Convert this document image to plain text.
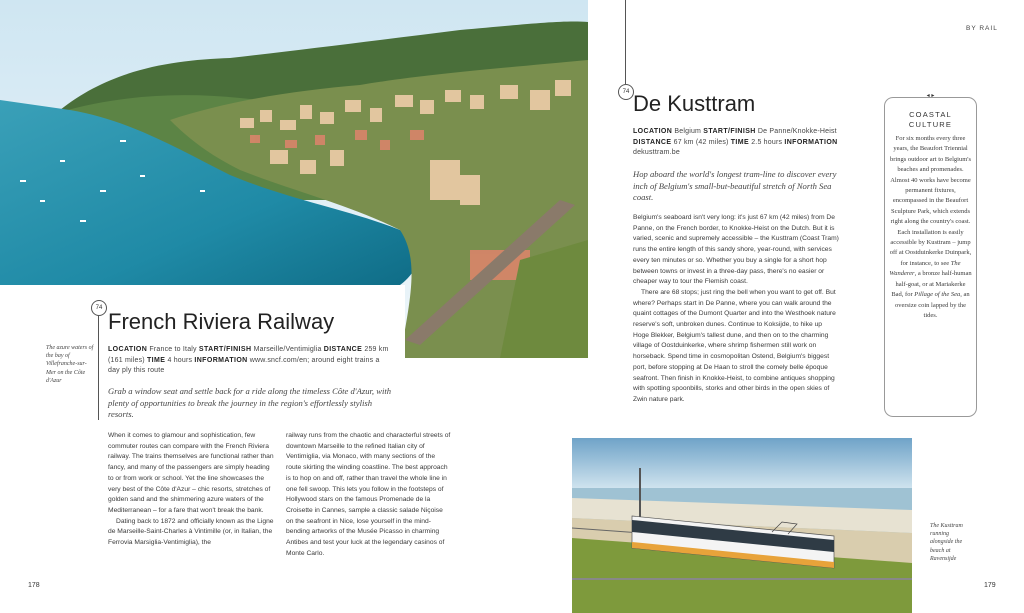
74
French Riviera Railway
LOCATION France to Italy START/FINISH Marseille/Ventimiglia DISTANCE 259 km
(161 miles) TIME 4 hours INFORMATION www.sncf.com/en; around eight trains a
day ply this route
The azure waters of the bay of Villefranche-sur-Mer on the Côte d'Azur
Grab a window seat and settle back for a ride along the timeless Côte d'Azur, with plenty of opportunities to break the journey in the region's effortlessly stylish resorts.

When it comes to glamour and sophistication, few commuter routes can compare with the French Riviera railway. The trains themselves are functional rather than fancy, and many of the passengers are simply heading to or from work or school. Yet the line showcases the very best of the Côte d'Azur – chic resorts, stretches of golden sand and the shimmering azure waters of the Mediterranean – for a fare that won't break the bank.

Dating back to 1872 and officially known as the Ligne de Marseille-Saint-Charles à Vintimille (or, in Italian, the Ferrovia Marsiglia-Ventimiglia), the

railway runs from the chaotic and characterful streets of downtown Marseille to the refined Italian city of Ventimiglia, via Monaco, with many sections of the route skirting the winding coastline. The best approach is to hop on and off, rather than travel the whole line in one fell swoop. This lets you follow in the footsteps of Hollywood stars on the famous Promenade de la Croisette in Cannes, sample a classic salade Niçoise on the seafront in Nice, lose yourself in the mind-bending artworks of the Musée Picasso in charming Antibes and test your luck at the legendary casinos of Monte Carlo.

178
BY RAIL
74 De Kusttram
LOCATION Belgium START/FINISH De Panne/Knokke-Heist
DISTANCE 67 km (42 miles) TIME 2.5 hours INFORMATION
dekusttram.be
Hop aboard the world's longest tram-line to discover every inch of Belgium's small-but-beautiful stretch of North Sea coast.

Belgium's seaboard isn't very long: it's just 67 km (42 miles) from De Panne, on the French border, to Knokke-Heist on the Dutch. But it is varied, scenic and supremely accessible – the Kusttram (Coast Tram) runs the entire length of this sandy shore, year-round, with services every ten minutes or so. Whether you buy a single for a short hop between towns or invest in a three-day pass, there's no easier or cheaper way to tour the Flemish coast.

There are 68 stops; just ring the bell when you want to get off. But where? Perhaps start in De Panne, where you can walk around the quaint cottages of the Dumont Quarter and into the Westhoek nature reserve's soft, unbroken dunes. Continue to Koksijde, to hike up Hoge Blekker, Belgium's tallest dune, and then on to the charming village of Oostduinkerke, where shrimp fishermen still work on horseback. Spend time in cosmopolitan Ostend, Belgium's biggest port, before stopping at De Haan to stroll the comely belle époque seafront. Then finish in Knokke-Heist, to combine antiques shopping with spotting spoonbills, storks and other birds in the open skies of Zwin nature park.

◂ ▸
COASTAL
CULTURE
For six months every three years, the Beaufort Triennial brings outdoor art to Belgium's beaches and promenades. Almost 40 works have become permanent fixtures, encompassed in the Beaufort Sculpture Park, which extends right along the country's coast. Each installation is easily accessible by Kusttram – jump off at Oostduinkerke Duinpark, for instance, to see The Wanderer, a bronze half-human half-goat, or at Mariakerke Bad, for Pillage of the Sea, an oversize coin lapped by the tides.
The Kusttram running alongside the beach at Ravensijde
179
